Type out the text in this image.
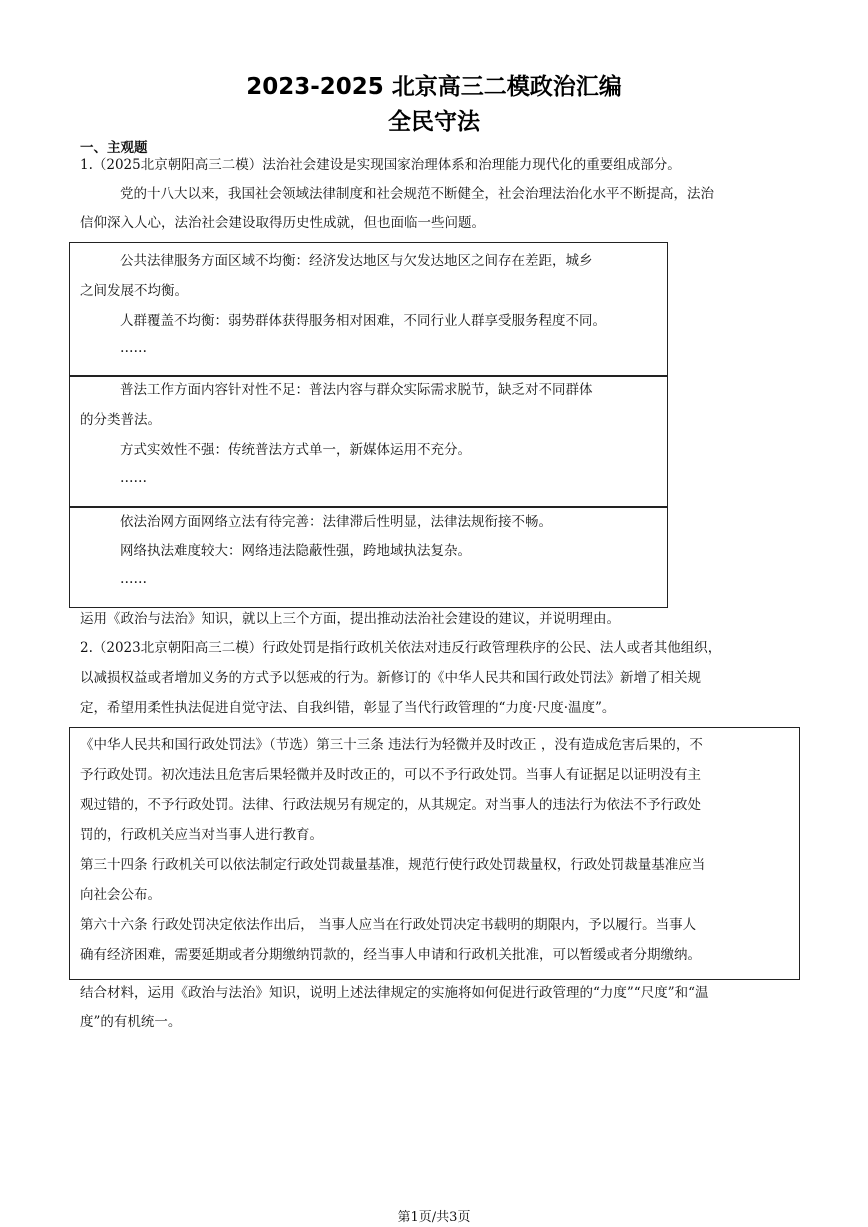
2023-2025 北京高三二模政治汇编
全民守法
一、主观题
1.（2025北京朝阳高三二模）法治社会建设是实现国家治理体系和治理能力现代化的重要组成部分。
党的十八大以来，我国社会领域法律制度和社会规范不断健全，社会治理法治化水平不断提高，法治
信仰深入人心，法治社会建设取得历史性成就，但也面临一些问题。
公共法律服务方面区域不均衡：经济发达地区与欠发达地区之间存在差距，城乡
之间发展不均衡。
人群覆盖不均衡：弱势群体获得服务相对困难，不同行业人群享受服务程度不同。
……
普法工作方面内容针对性不足：普法内容与群众实际需求脱节，缺乏对不同群体
的分类普法。
方式实效性不强：传统普法方式单一，新媒体运用不充分。
……
依法治网方面网络立法有待完善：法律滞后性明显，法律法规衔接不畅。
网络执法难度较大：网络违法隐蔽性强，跨地域执法复杂。
……
运用《政治与法治》知识，就以上三个方面，提出推动法治社会建设的建议，并说明理由。
2.（2023北京朝阳高三二模）行政处罚是指行政机关依法对违反行政管理秩序的公民、法人或者其他组织，
以减损权益或者增加义务的方式予以惩戒的行为。新修订的《中华人民共和国行政处罚法》新增了相关规
定，希望用柔性执法促进自觉守法、自我纠错，彰显了当代行政管理的“力度·尺度·温度”。
《中华人民共和国行政处罚法》（节选）第三十三条 违法行为轻微并及时改正 ，没有造成危害后果的，不
予行政处罚。初次违法且危害后果轻微并及时改正的，可以不予行政处罚。当事人有证据足以证明没有主
观过错的，不予行政处罚。法律、行政法规另有规定的，从其规定。对当事人的违法行为依法不予行政处
罚的，行政机关应当对当事人进行教育。
第三十四条 行政机关可以依法制定行政处罚裁量基准，规范行使行政处罚裁量权，行政处罚裁量基准应当
向社会公布。
第六十六条 行政处罚决定依法作出后， 当事人应当在行政处罚决定书载明的期限内，予以履行。当事人
确有经济困难，需要延期或者分期缴纳罚款的，经当事人申请和行政机关批准，可以暂缓或者分期缴纳。
结合材料，运用《政治与法治》知识，说明上述法律规定的实施将如何促进行政管理的“力度”“尺度”和“温
度”的有机统一。
第1页/共3页
